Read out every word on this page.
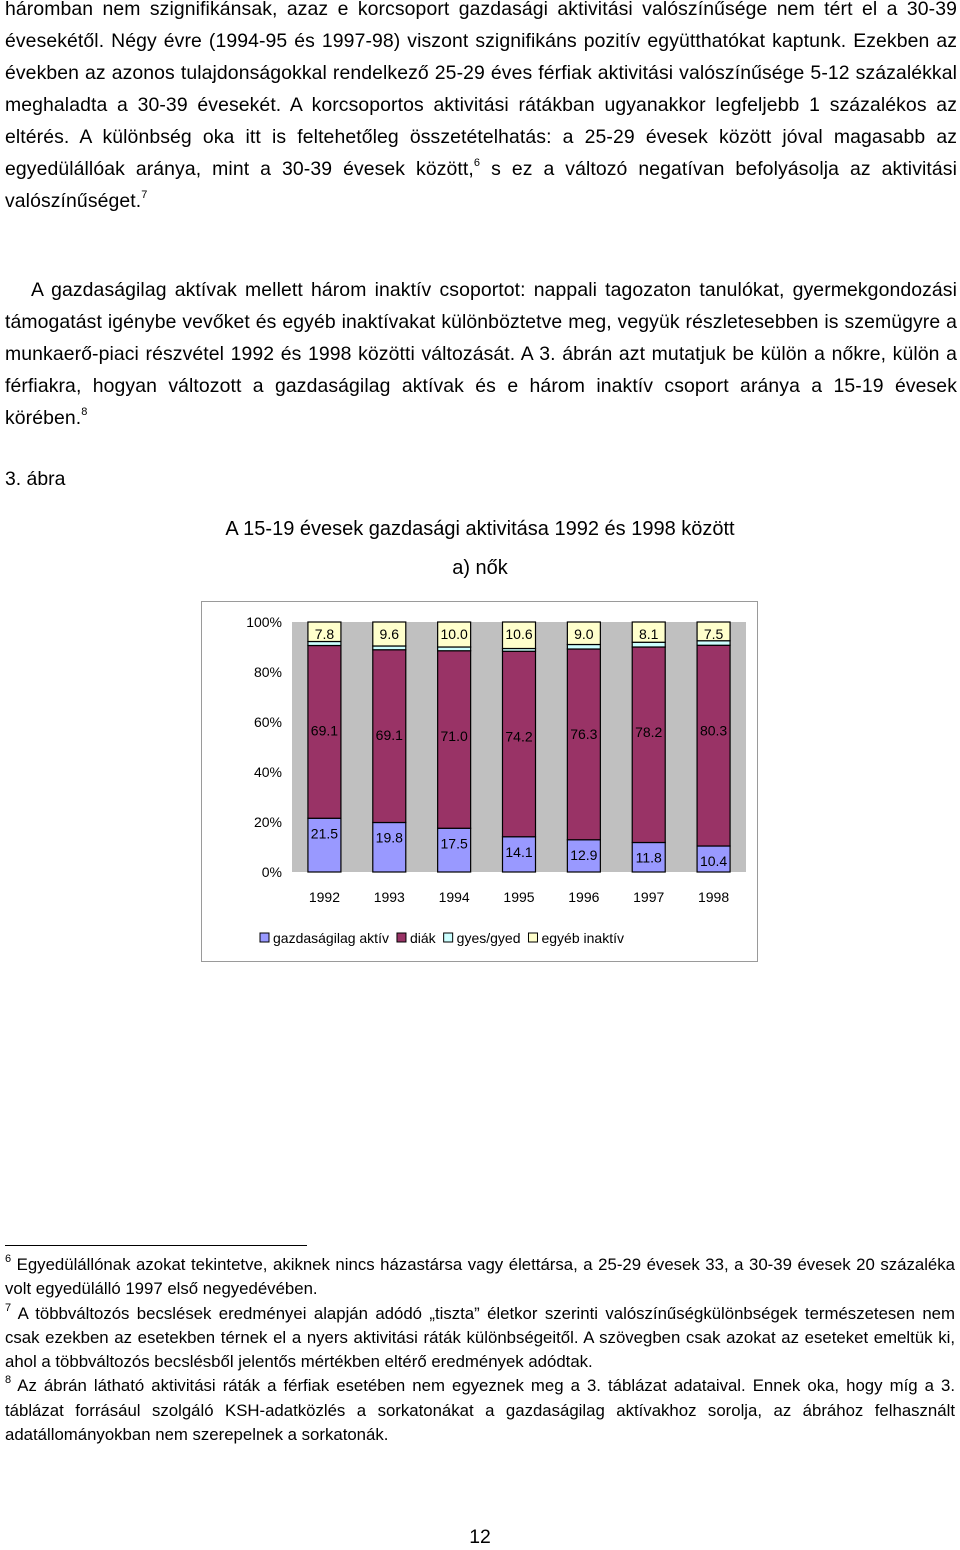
háromban nem szignifikánsak, azaz e korcsoport gazdasági aktivitási valószínűsége nem tért el a 30-39 évesekétől. Négy évre (1994-95 és 1997-98) viszont szignifikáns pozitív együtthatókat kaptunk. Ezekben az években az azonos tulajdonságokkal rendelkező 25-29 éves férfiak aktivitási valószínűsége 5-12 százalékkal meghaladta a 30-39 évesekét. A korcsoportos aktivitási rátákban ugyanakkor legfeljebb 1 százalékos az eltérés. A különbség oka itt is feltehetőleg összetételhatás: a 25-29 évesek között jóval magasabb az egyedülállóak aránya, mint a 30-39 évesek között,$^6$ s ez a változó negatívan befolyásolja az aktivitási valószínűséget.$^7$

A gazdaságilag aktívak mellett három inaktív csoportot: nappali tagozaton tanulókat, gyermekgondozási támogatást igénybe vevőket és egyéb inaktívakat különböztetve meg, vegyük részletesebben is szemügyre a munkaerő-piaci részvétel 1992 és 1998 közötti változását. A 3. ábrán azt mutatjuk be külön a nőkre, külön a férfiakra, hogyan változott a gazdaságilag aktívak és e három inaktív csoport aránya a 15-19 évesek körében.$^8$

3. ábra
A 15-19 évesek gazdasági aktivitása 1992 és 1998 között
a) nők
100%
80%
60%
40%
20%
0%
21.5
69.1
7.8
1992
19.8
69.1
9.6
1993
17.5
71.0
10.0
1994
14.1
74.2
10.6
1995
12.9
76.3
9.0
1996
11.8
78.2
8.1
1997
10.4
80.3
7.5
1998
gazdaságilag aktív diák gyes/gyed egyéb inaktív

$^6$ Egyedülállónak azokat tekintetve, akiknek nincs házastársa vagy élettársa, a 25-29 évesek 33, a 30-39 évesek 20 százaléka volt egyedülálló 1997 első negyedévében.

$^7$ A többváltozós becslések eredményei alapján adódó „tiszta” életkor szerinti valószínűségkülönbségek természetesen nem csak ezekben az esetekben térnek el a nyers aktivitási ráták különbségeitől. A szövegben csak azokat az eseteket emeltük ki, ahol a többváltozós becslésből jelentős mértékben eltérő eredmények adódtak.

$^8$ Az ábrán látható aktivitási ráták a férfiak esetében nem egyeznek meg a 3. táblázat adataival. Ennek oka, hogy míg a 3. táblázat forrásául szolgáló KSH-adatközlés a sorkatonákat a gazdaságilag aktívakhoz sorolja, az ábrához felhasznált adatállományokban nem szerepelnek a sorkatonák.

12
